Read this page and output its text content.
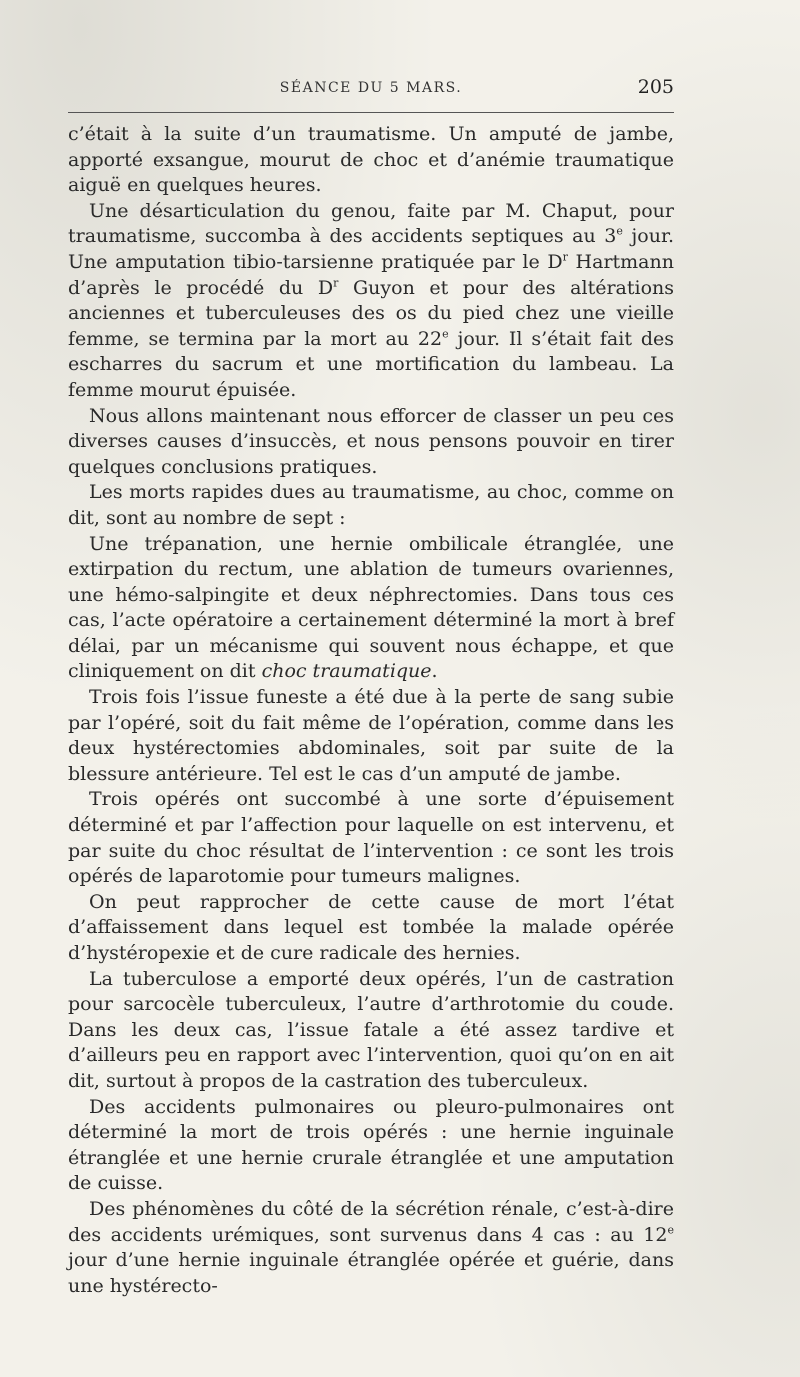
SÉANCE DU 5 MARS.	205

c’était à la suite d’un traumatisme. Un amputé de jambe, apporté exsangue, mourut de choc et d’anémie traumatique aiguë en quelques heures.

Une désarticulation du genou, faite par M. Chaput, pour traumatisme, succomba à des accidents septiques au 3e jour. Une amputation tibio-tarsienne pratiquée par le $D^r$ Hartmann d’après le procédé du $D^r$ Guyon et pour des altérations anciennes et tuberculeuses des os du pied chez une vieille femme, se termina par la mort au 22e jour. Il s’était fait des escharres du sacrum et une mortification du lambeau. La femme mourut épuisée.

Nous allons maintenant nous efforcer de classer un peu ces diverses causes d’insuccès, et nous pensons pouvoir en tirer quelques conclusions pratiques.

Les morts rapides dues au traumatisme, au choc, comme on dit, sont au nombre de sept :

Une trépanation, une hernie ombilicale étranglée, une extirpation du rectum, une ablation de tumeurs ovariennes, une hémo-salpingite et deux néphrectomies. Dans tous ces cas, l’acte opératoire a certainement déterminé la mort à bref délai, par un mécanisme qui souvent nous échappe, et que cliniquement on dit choc traumatique.

Trois fois l’issue funeste a été due à la perte de sang subie par l’opéré, soit du fait même de l’opération, comme dans les deux hystérectomies abdominales, soit par suite de la blessure antérieure. Tel est le cas d’un amputé de jambe.

Trois opérés ont succombé à une sorte d’épuisement déterminé et par l’affection pour laquelle on est intervenu, et par suite du choc résultat de l’intervention : ce sont les trois opérés de laparotomie pour tumeurs malignes.

On peut rapprocher de cette cause de mort l’état d’affaissement dans lequel est tombée la malade opérée d’hystéropexie et de cure radicale des hernies.

La tuberculose a emporté deux opérés, l’un de castration pour sarcocèle tuberculeux, l’autre d’arthrotomie du coude. Dans les deux cas, l’issue fatale a été assez tardive et d’ailleurs peu en rapport avec l’intervention, quoi qu’on en ait dit, surtout à propos de la castration des tuberculeux.

Des accidents pulmonaires ou pleuro-pulmonaires ont déterminé la mort de trois opérés : une hernie inguinale étranglée et une hernie crurale étranglée et une amputation de cuisse.

Des phénomènes du côté de la sécrétion rénale, c’est-à-dire des accidents urémiques, sont survenus dans 4 cas : au 12e jour d’une hernie inguinale étranglée opérée et guérie, dans une hystérecto-
